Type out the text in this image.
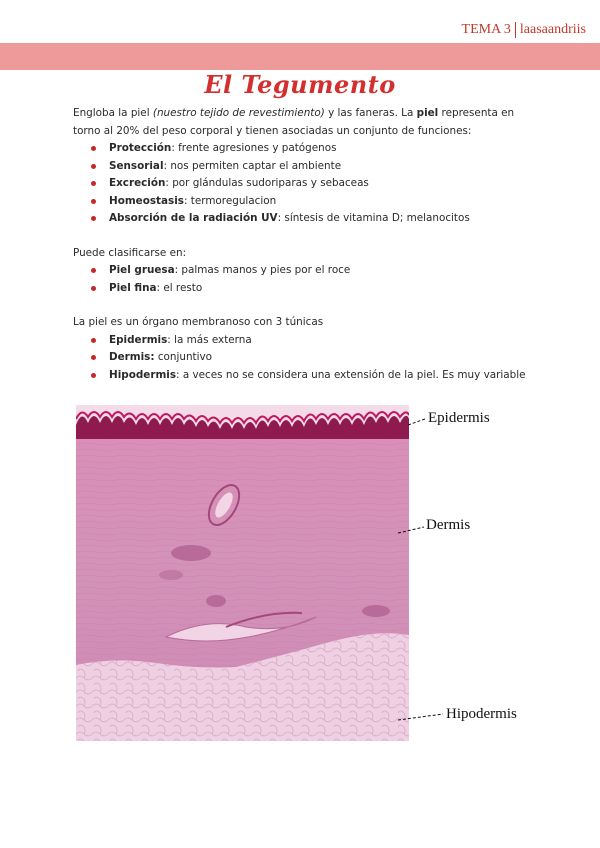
TEMA 3 laasaandriis
El Tegumento

Engloba la piel (nuestro tejido de revestimiento) y las faneras. La piel representa en torno al 20% del peso corporal y tienen asociadas un conjunto de funciones:

Protección: frente agresiones y patógenos
Sensorial: nos permiten captar el ambiente
Excreción: por glándulas sudoriparas y sebaceas
Homeostasis: termoregulacion
Absorción de la radiación UV: síntesis de vitamina D; melanocitos

Puede clasificarse en:

Piel gruesa: palmas manos y pies por el roce
Piel fina: el resto

La piel es un órgano membranoso con 3 túnicas

Epidermis: la más externa
Dermis: conjuntivo
Hipodermis: a veces no se considera una extensión de la piel. Es muy variable
Epidermis
Dermis
Hipodermis
